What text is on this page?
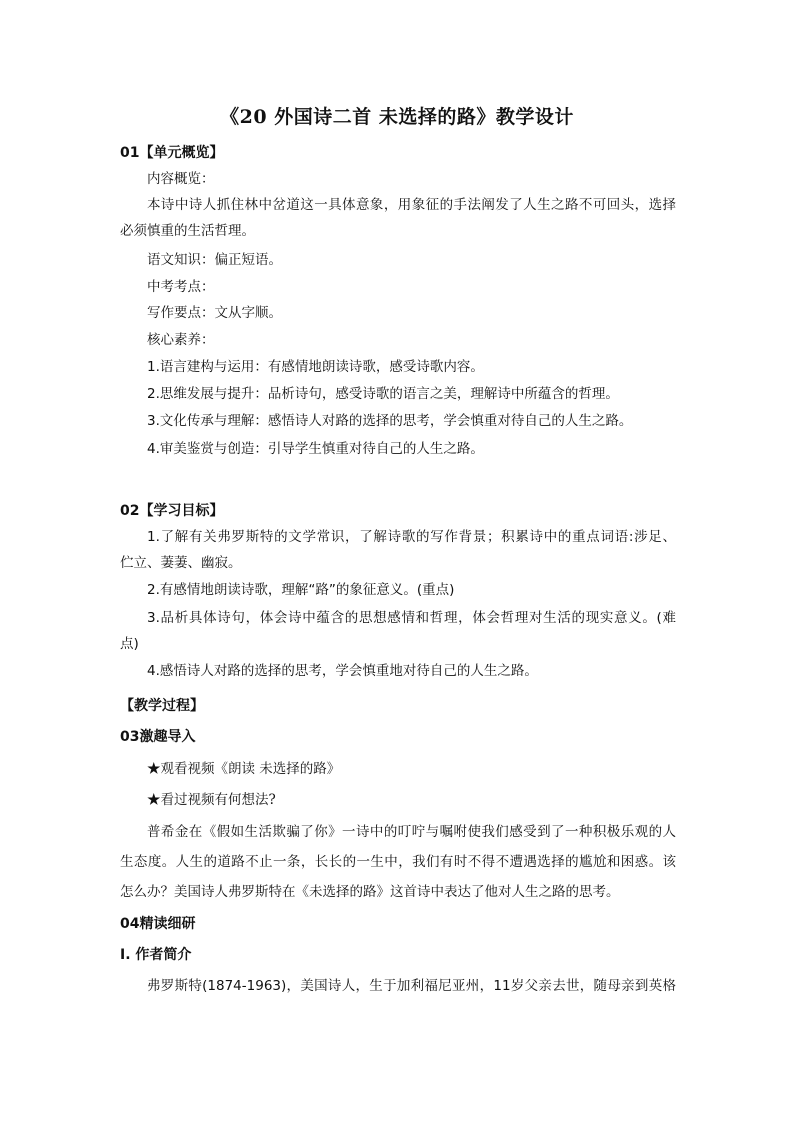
《20 外国诗二首 未选择的路》教学设计
01【单元概览】
内容概览：
本诗中诗人抓住林中岔道这一具体意象，用象征的手法阐发了人生之路不可回头，选择
必须慎重的生活哲理。
语文知识：偏正短语。
中考考点：
写作要点：文从字顺。
核心素养：
1.语言建构与运用：有感情地朗读诗歌，感受诗歌内容。
2.思维发展与提升：品析诗句，感受诗歌的语言之美，理解诗中所蕴含的哲理。
3.文化传承与理解：感悟诗人对路的选择的思考，学会慎重对待自己的人生之路。
4.审美鉴赏与创造：引导学生慎重对待自己的人生之路。
02【学习目标】
1.了解有关弗罗斯特的文学常识，了解诗歌的写作背景；积累诗中的重点词语:涉足、
伫立、萋萋、幽寂。
2.有感情地朗读诗歌，理解“路”的象征意义。(重点)
3.品析具体诗句，体会诗中蕴含的思想感情和哲理，体会哲理对生活的现实意义。(难
点)
4.感悟诗人对路的选择的思考，学会慎重地对待自己的人生之路。
【教学过程】
03激趣导入
★观看视频《朗读 未选择的路》
★看过视频有何想法?
普希金在《假如生活欺骗了你》一诗中的叮咛与嘱咐使我们感受到了一种积极乐观的人
生态度。人生的道路不止一条，长长的一生中，我们有时不得不遭遇选择的尴尬和困惑。该
怎么办？美国诗人弗罗斯特在《未选择的路》这首诗中表达了他对人生之路的思考。
04精读细研
Ⅰ. 作者简介
弗罗斯特(1874-1963)，美国诗人，生于加利福尼亚州，11岁父亲去世，随母亲到英格
